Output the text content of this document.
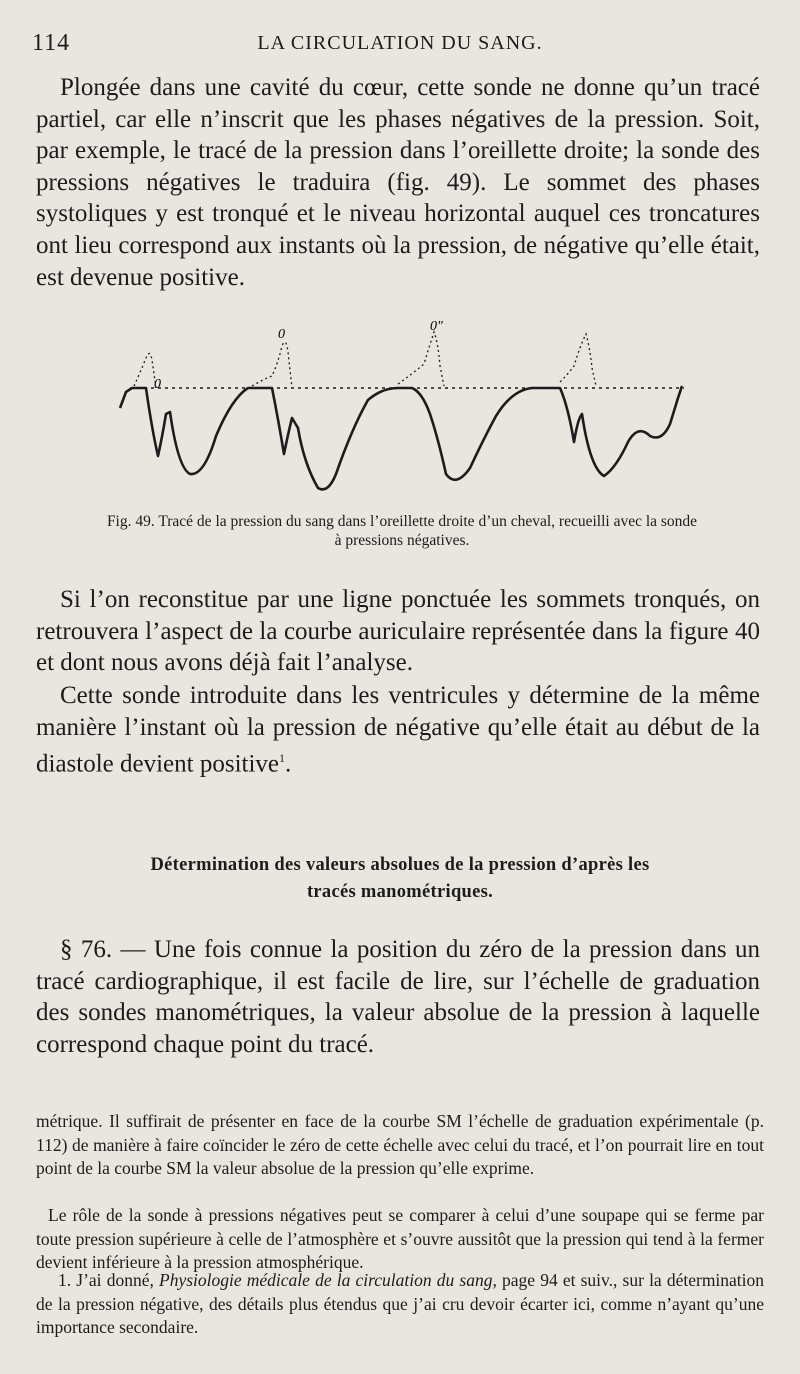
114	LA CIRCULATION DU SANG.

Plongée dans une cavité du cœur, cette sonde ne donne qu’un tracé partiel, car elle n’inscrit que les phases négatives de la pression. Soit, par exemple, le tracé de la pression dans l’oreillette droite; la sonde des pressions négatives le traduira (fig. 49). Le sommet des phases systoliques y est tronqué et le niveau horizontal auquel ces troncatures ont lieu correspond aux instants où la pression, de négative qu’elle était, est devenue positive.

0
0
0"

Fig. 49. Tracé de la pression du sang dans l’oreillette droite d’un cheval, recueilli avec la sonde
à pressions négatives.

Si l’on reconstitue par une ligne ponctuée les sommets tronqués, on retrouvera l’aspect de la courbe auriculaire représentée dans la figure 40 et dont nous avons déjà fait l’analyse.

Cette sonde introduite dans les ventricules y détermine de la même manière l’instant où la pression de négative qu’elle était au début de la diastole devient positive$^1$.

Détermination des valeurs absolues de la pression d’après les
tracés manométriques.

§ 76. — Une fois connue la position du zéro de la pression dans un tracé cardiographique, il est facile de lire, sur l’échelle de graduation des sondes manométriques, la valeur absolue de la pression à laquelle correspond chaque point du tracé.

métrique. Il suffirait de présenter en face de la courbe SM l’échelle de graduation expérimentale (p. 112) de manière à faire coïncider le zéro de cette échelle avec celui du tracé, et l’on pourrait lire en tout point de la courbe SM la valeur absolue de la pression qu’elle exprime.

Le rôle de la sonde à pressions négatives peut se comparer à celui d’une soupape qui se ferme par toute pression supérieure à celle de l’atmosphère et s’ouvre aussitôt que la pression qui tend à la fermer devient inférieure à la pression atmosphérique.

1. J’ai donné, Physiologie médicale de la circulation du sang, page 94 et suiv., sur la détermination de la pression négative, des détails plus étendus que j’ai cru devoir écarter ici, comme n’ayant qu’une importance secondaire.
